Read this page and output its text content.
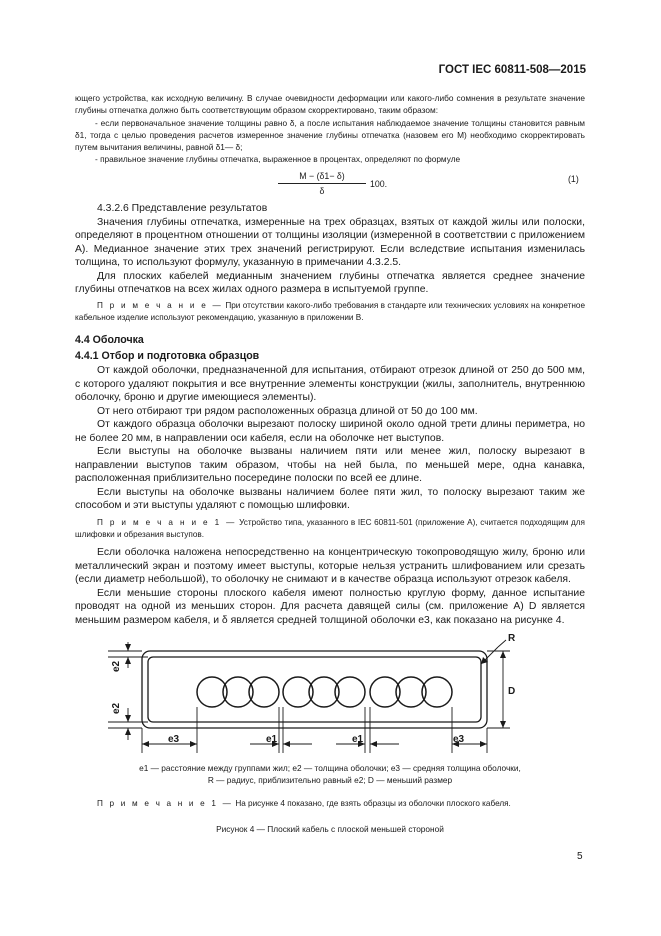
ГОСТ IEC 60811-508—2015

ющего устройства, как исходную величину. В случае очевидности деформации или какого-либо сомнения в результате значение глубины отпечатка должно быть соответствующим образом скорректировано, таким образом:

- если первоначальное значение толщины равно δ, а после испытания наблюдаемое значение толщины становится равным δ1, тогда с целью проведения расчетов измеренное значение глубины отпечатка (назовем его M) необходимо скорректировать путем вычитания величины, равной δ1— δ;

- правильное значение глубины отпечатка, выраженное в процентах, определяют по формуле

$\frac{M - (\delta 1- \delta)}{\delta} 100$.	(1)

4.3.2.6 Представление результатов

Значения глубины отпечатка, измеренные на трех образцах, взятых от каждой жилы или полоски, определяют в процентном отношении от толщины изоляции (измеренной в соответствии с приложением А). Медианное значение этих трех значений регистрируют. Если вследствие испытания изменилась толщина, то используют формулу, указанную в примечании 4.3.2.5.

Для плоских кабелей медианным значением глубины отпечатка является среднее значение глубины отпечатков на всех жилах одного размера в испытуемой группе.

П р и м е ч а н и е — При отсутствии какого-либо требования в стандарте или технических условиях на конкретное кабельное изделие используют рекомендацию, указанную в приложении В.
4.4 Оболочка
4.4.1 Отбор и подготовка образцов

От каждой оболочки, предназначенной для испытания, отбирают отрезок длиной от 250 до 500 мм, с которого удаляют покрытия и все внутренние элементы конструкции (жилы, заполнитель, внутреннюю оболочку, броню и другие имеющиеся элементы).

От него отбирают три рядом расположенных образца длиной от 50 до 100 мм.

От каждого образца оболочки вырезают полоску шириной около одной трети длины периметра, но не более 20 мм, в направлении оси кабеля, если на оболочке нет выступов.

Если выступы на оболочке вызваны наличием пяти или менее жил, полоску вырезают в направлении выступов таким образом, чтобы на ней была, по меньшей мере, одна канавка, расположенная приблизительно посередине полоски по всей ее длине.

Если выступы на оболочке вызваны наличием более пяти жил, то полоску вырезают таким же способом и эти выступы удаляют с помощью шлифовки.

П р и м е ч а н и е 1 — Устройство типа, указанного в IEC 60811-501 (приложение А), считается подходящим для шлифовки и обрезания выступов.

Если оболочка наложена непосредственно на концентрическую токопроводящую жилу, броню или металлический экран и поэтому имеет выступы, которые нельзя устранить шлифованием или срезать (если диаметр небольшой), то оболочку не снимают и в качестве образца используют отрезок кабеля.

Если меньшие стороны плоского кабеля имеют полностью круглую форму, данное испытание проводят на одной из меньших сторон. Для расчета давящей силы (см. приложение А) D является меньшим размером кабеля, и δ является средней толщиной оболочки e3, как показано на рисунке 4.

R
D
e3	e1	e1	e3
e2
e2
e1 — расстояние между группами жил; e2 — толщина оболочки; e3 — средняя толщина оболочки,
R — радиус, приблизительно равный e2; D — меньший размер
П р и м е ч а н и е 1 — На рисунке 4 показано, где взять образцы из оболочки плоского кабеля.
Рисунок 4 — Плоский кабель с плоской меньшей стороной
5
